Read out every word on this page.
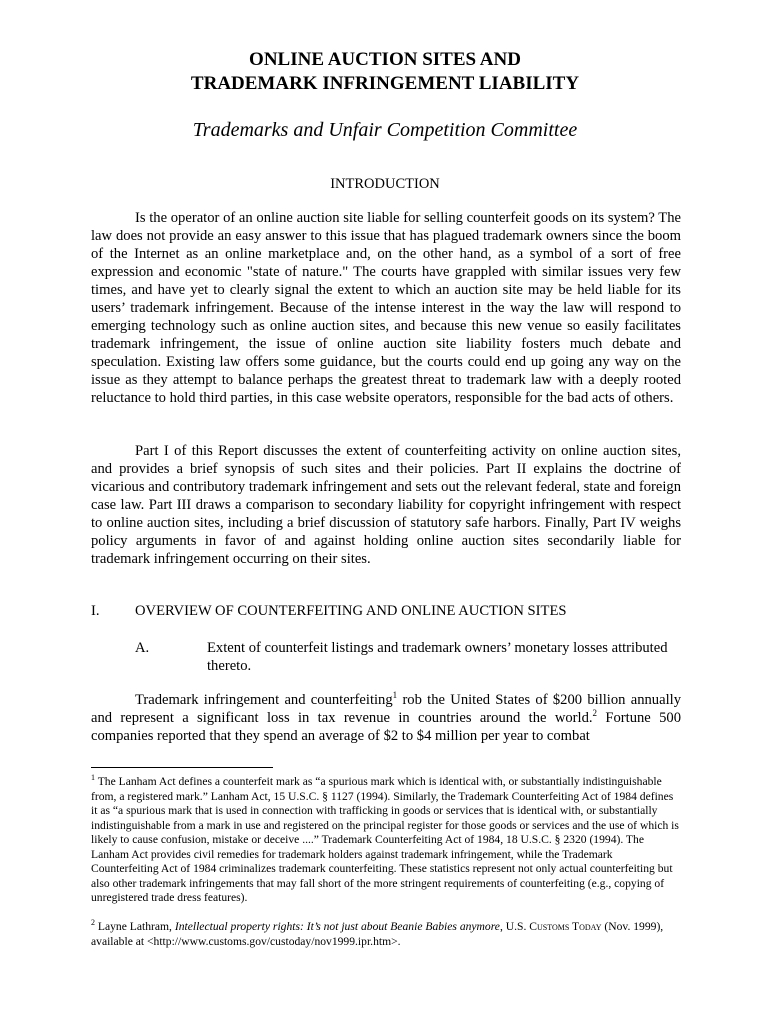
ONLINE AUCTION SITES AND
TRADEMARK INFRINGEMENT LIABILITY
Trademarks and Unfair Competition Committee
INTRODUCTION

Is the operator of an online auction site liable for selling counterfeit goods on its system? The law does not provide an easy answer to this issue that has plagued trademark owners since the boom of the Internet as an online marketplace and, on the other hand, as a symbol of a sort of free expression and economic "state of nature." The courts have grappled with similar issues very few times, and have yet to clearly signal the extent to which an auction site may be held liable for its users’ trademark infringement. Because of the intense interest in the way the law will respond to emerging technology such as online auction sites, and because this new venue so easily facilitates trademark infringement, the issue of online auction site liability fosters much debate and speculation. Existing law offers some guidance, but the courts could end up going any way on the issue as they attempt to balance perhaps the greatest threat to trademark law with a deeply rooted reluctance to hold third parties, in this case website operators, responsible for the bad acts of others.

Part I of this Report discusses the extent of counterfeiting activity on online auction sites, and provides a brief synopsis of such sites and their policies. Part II explains the doctrine of vicarious and contributory trademark infringement and sets out the relevant federal, state and foreign case law. Part III draws a comparison to secondary liability for copyright infringement with respect to online auction sites, including a brief discussion of statutory safe harbors. Finally, Part IV weighs policy arguments in favor of and against holding online auction sites secondarily liable for trademark infringement occurring on their sites.

I. OVERVIEW OF COUNTERFEITING AND ONLINE AUCTION SITES
A.	Extent of counterfeit listings and trademark owners’ monetary losses attributed thereto.

Trademark infringement and counterfeiting$^1$ rob the United States of $200 billion annually and represent a significant loss in tax revenue in countries around the world.$^2$ Fortune 500 companies reported that they spend an average of $2 to $4 million per year to combat

$^1$ The Lanham Act defines a counterfeit mark as “a spurious mark which is identical with, or substantially indistinguishable from, a registered mark.” Lanham Act, 15 U.S.C. § 1127 (1994). Similarly, the Trademark Counterfeiting Act of 1984 defines it as “a spurious mark that is used in connection with trafficking in goods or services that is identical with, or substantially indistinguishable from a mark in use and registered on the principal register for those goods or services and the use of which is likely to cause confusion, mistake or deceive ....” Trademark Counterfeiting Act of 1984, 18 U.S.C. § 2320 (1994). The Lanham Act provides civil remedies for trademark holders against trademark infringement, while the Trademark Counterfeiting Act of 1984 criminalizes trademark counterfeiting. These statistics represent not only actual counterfeiting but also other trademark infringements that may fall short of the more stringent requirements of counterfeiting (e.g., copying of unregistered trade dress features).

$^2$ Layne Lathram, Intellectual property rights: It’s not just about Beanie Babies anymore, U.S. Customs Today (Nov. 1999), available at <http://www.customs.gov/custoday/nov1999.ipr.htm>.
